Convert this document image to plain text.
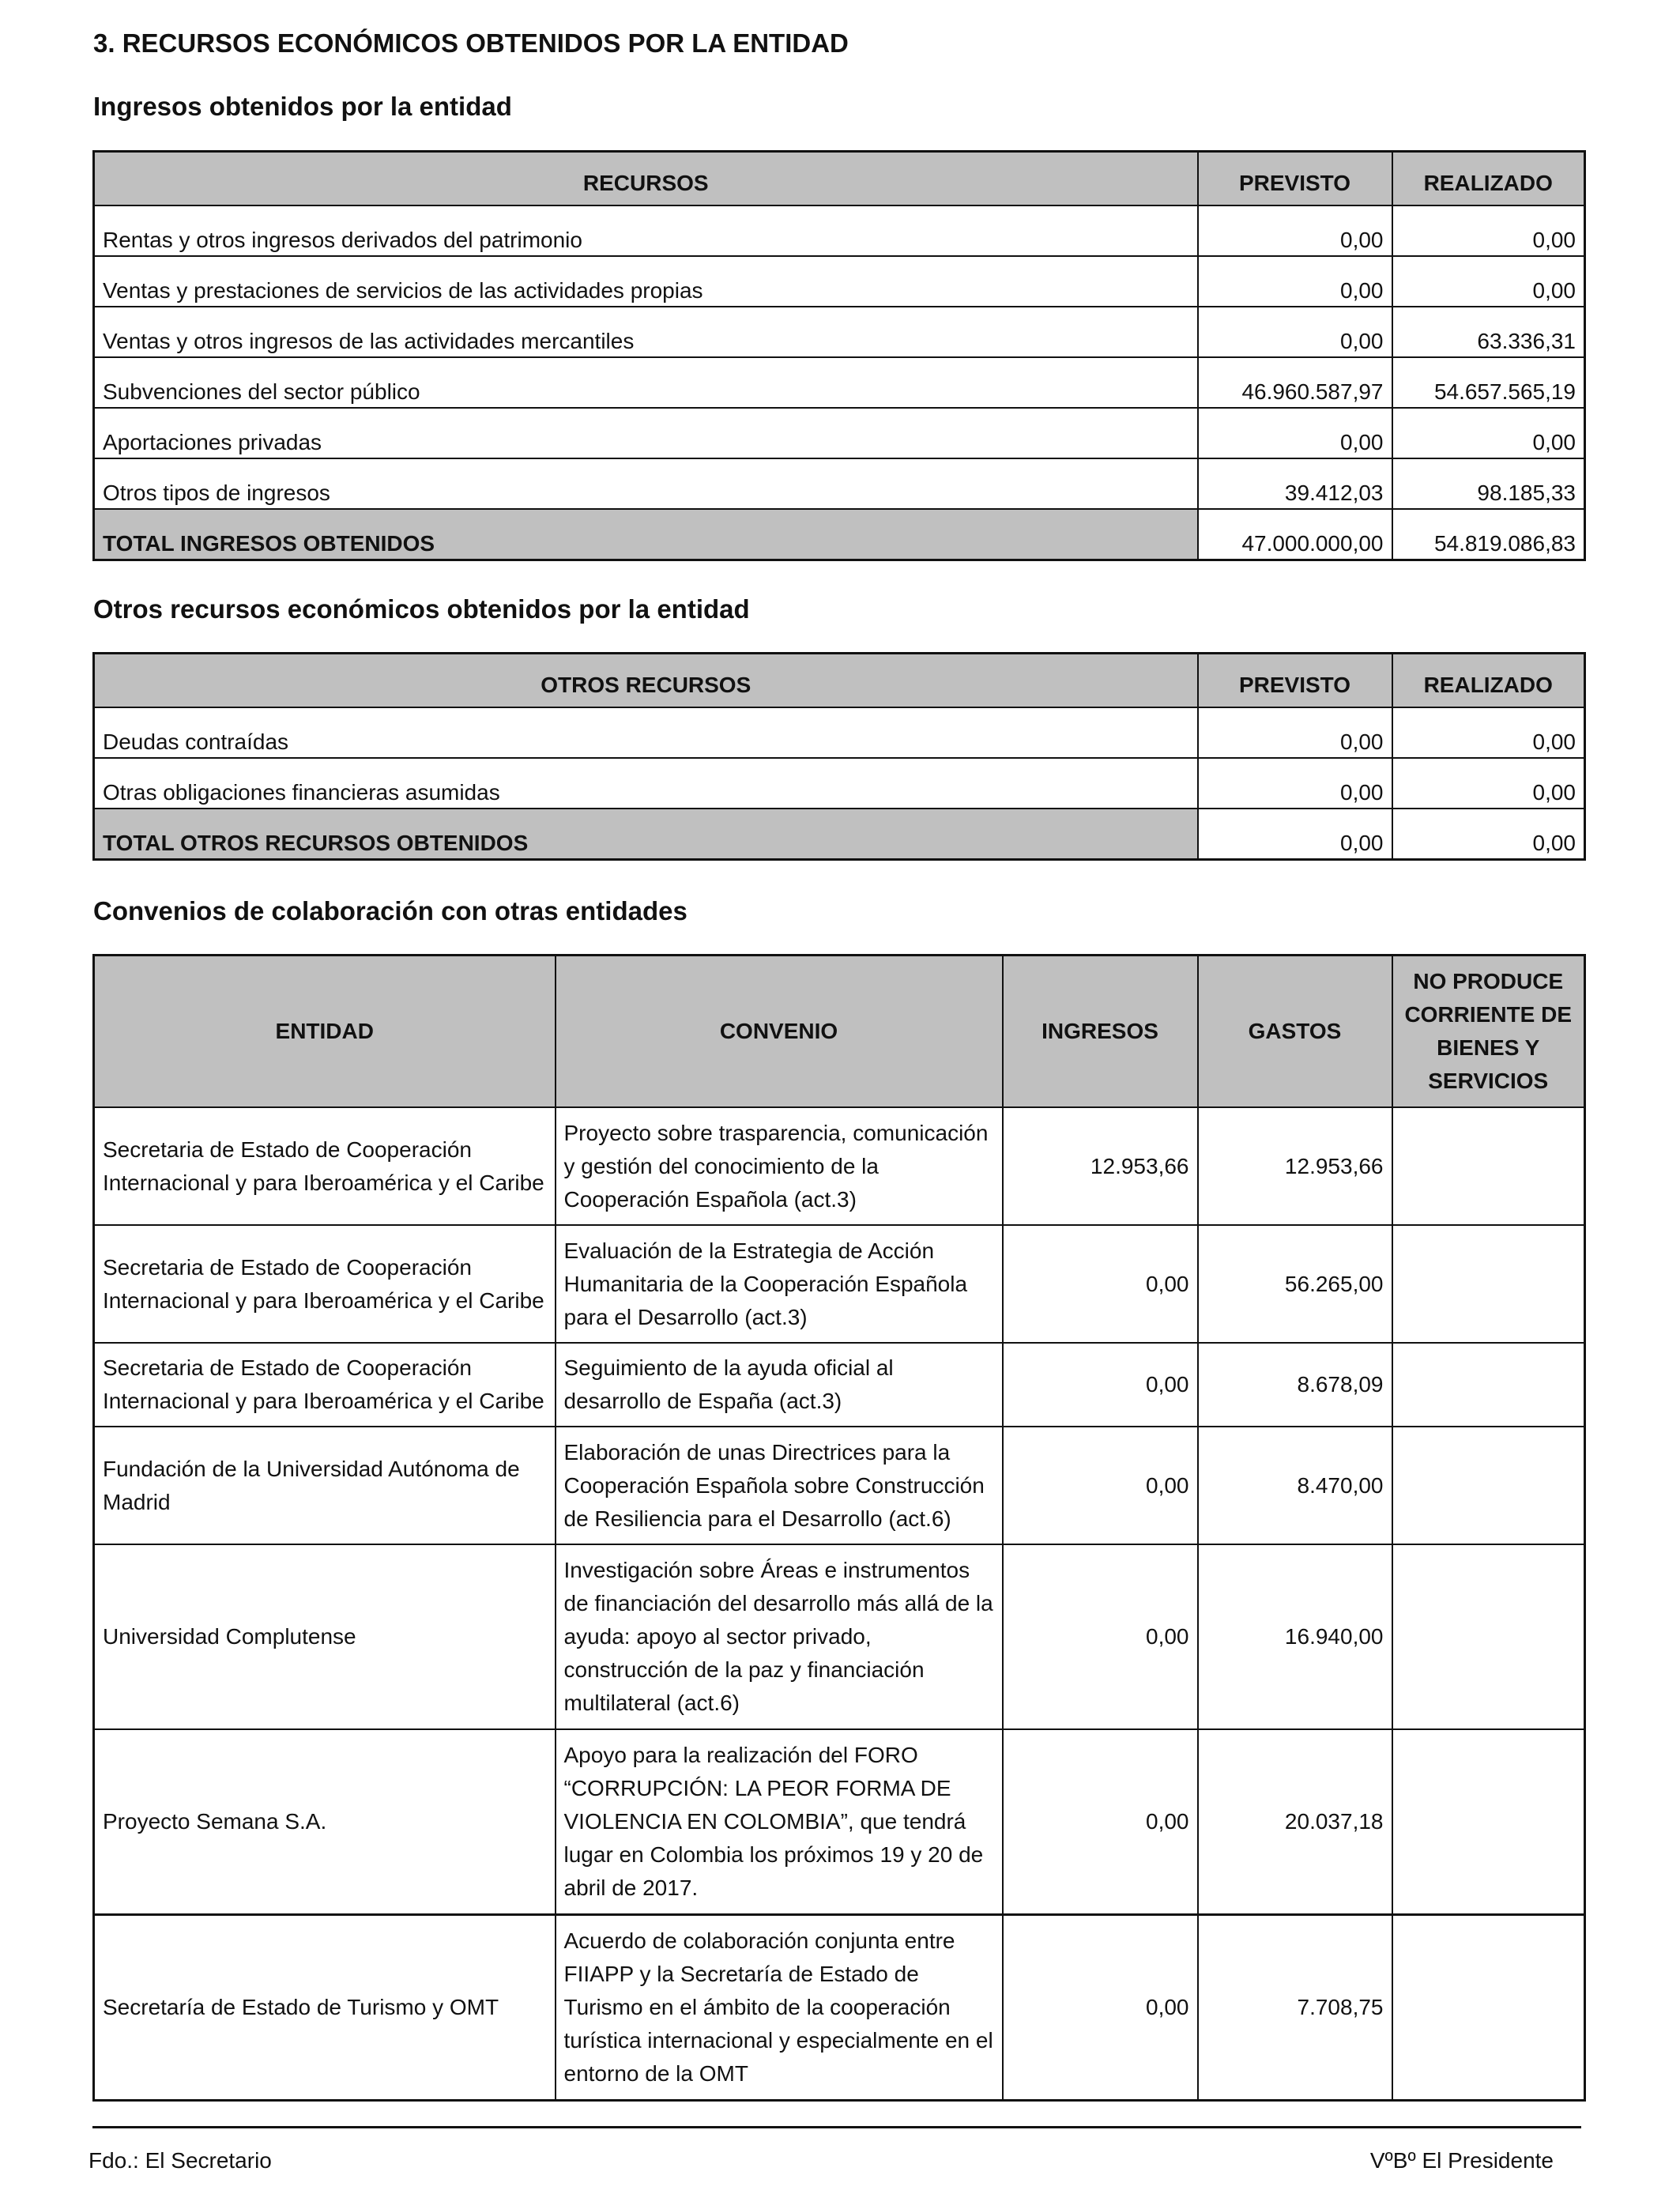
3. RECURSOS ECONÓMICOS OBTENIDOS POR LA ENTIDAD
Ingresos obtenidos por la entidad
RECURSOS	PREVISTO	REALIZADO
Rentas y otros ingresos derivados del patrimonio	0,00	0,00
Ventas y prestaciones de servicios de las actividades propias	0,00	0,00
Ventas y otros ingresos de las actividades mercantiles	0,00	63.336,31
Subvenciones del sector público	46.960.587,97	54.657.565,19
Aportaciones privadas	0,00	0,00
Otros tipos de ingresos	39.412,03	98.185,33
TOTAL INGRESOS OBTENIDOS	47.000.000,00	54.819.086,83
Otros recursos económicos obtenidos por la entidad
OTROS RECURSOS	PREVISTO	REALIZADO
Deudas contraídas	0,00	0,00
Otras obligaciones financieras asumidas	0,00	0,00
TOTAL OTROS RECURSOS OBTENIDOS	0,00	0,00
Convenios de colaboración con otras entidades
ENTIDAD	CONVENIO	INGRESOS	GASTOS	NO PRODUCE CORRIENTE DE BIENES Y SERVICIOS
Secretaria de Estado de Cooperación Internacional y para Iberoamérica y el Caribe	Proyecto sobre trasparencia, comunicación y gestión del conocimiento de la Cooperación Española (act.3)	12.953,66	12.953,66	
Secretaria de Estado de Cooperación Internacional y para Iberoamérica y el Caribe	Evaluación de la Estrategia de Acción Humanitaria de la Cooperación Española para el Desarrollo (act.3)	0,00	56.265,00	
Secretaria de Estado de Cooperación Internacional y para Iberoamérica y el Caribe	Seguimiento de la ayuda oficial al desarrollo de España (act.3)	0,00	8.678,09	
Fundación de la Universidad Autónoma de Madrid	Elaboración de unas Directrices para la Cooperación Española sobre Construcción de Resiliencia para el Desarrollo (act.6)	0,00	8.470,00	
Universidad Complutense	Investigación sobre Áreas e instrumentos de financiación del desarrollo más allá de la ayuda: apoyo al sector privado, construcción de la paz y financiación multilateral (act.6)	0,00	16.940,00	
Proyecto Semana S.A.	Apoyo para la realización del FORO “CORRUPCIÓN: LA PEOR FORMA DE VIOLENCIA EN COLOMBIA”, que tendrá lugar en Colombia los próximos 19 y 20 de abril de 2017.	0,00	20.037,18	
Secretaría de Estado de Turismo y OMT	Acuerdo de colaboración conjunta entre FIIAPP y la Secretaría de Estado de Turismo en el ámbito de la cooperación turística internacional y especialmente en el entorno de la OMT	0,00	7.708,75	
Fdo.: El Secretario	VºBº El Presidente
